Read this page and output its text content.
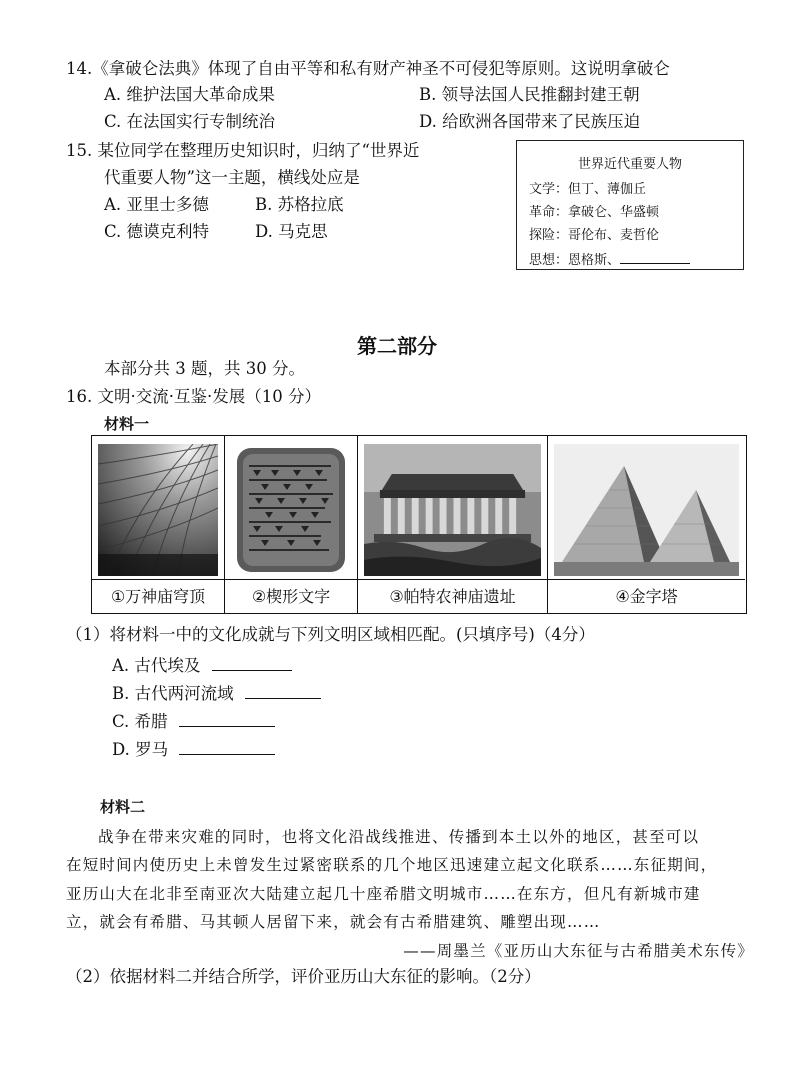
14.《拿破仑法典》体现了自由平等和私有财产神圣不可侵犯等原则。这说明拿破仑
A. 维护法国大革命成果	B. 领导法国人民推翻封建王朝
C. 在法国实行专制统治	D. 给欧洲各国带来了民族压迫
15. 某位同学在整理历史知识时，归纳了“世界近
代重要人物”这一主题，横线处应是
A. 亚里士多德	B. 苏格拉底
C. 德谟克利特	D. 马克思
世界近代重要人物
文学：但丁、薄伽丘
革命：拿破仑、华盛顿
探险：哥伦布、麦哲伦
思想：恩格斯、
第二部分
本部分共 3 题，共 30 分。
16. 文明·交流·互鉴·发展（10 分）
材料一
①万神庙穹顶	②楔形文字	③帕特农神庙遗址	④金字塔
（1）将材料一中的文化成就与下列文明区域相匹配。(只填序号)（4分）
A. 古代埃及
B. 古代两河流域
C. 希腊
D. 罗马
材料二
战争在带来灾难的同时，也将文化沿战线推进、传播到本土以外的地区，甚至可以
在短时间内使历史上未曾发生过紧密联系的几个地区迅速建立起文化联系……东征期间，
亚历山大在北非至南亚次大陆建立起几十座希腊文明城市……在东方，但凡有新城市建
立，就会有希腊、马其顿人居留下来，就会有古希腊建筑、雕塑出现……
——周墨兰《亚历山大东征与古希腊美术东传》
（2）依据材料二并结合所学，评价亚历山大东征的影响。（2分）
